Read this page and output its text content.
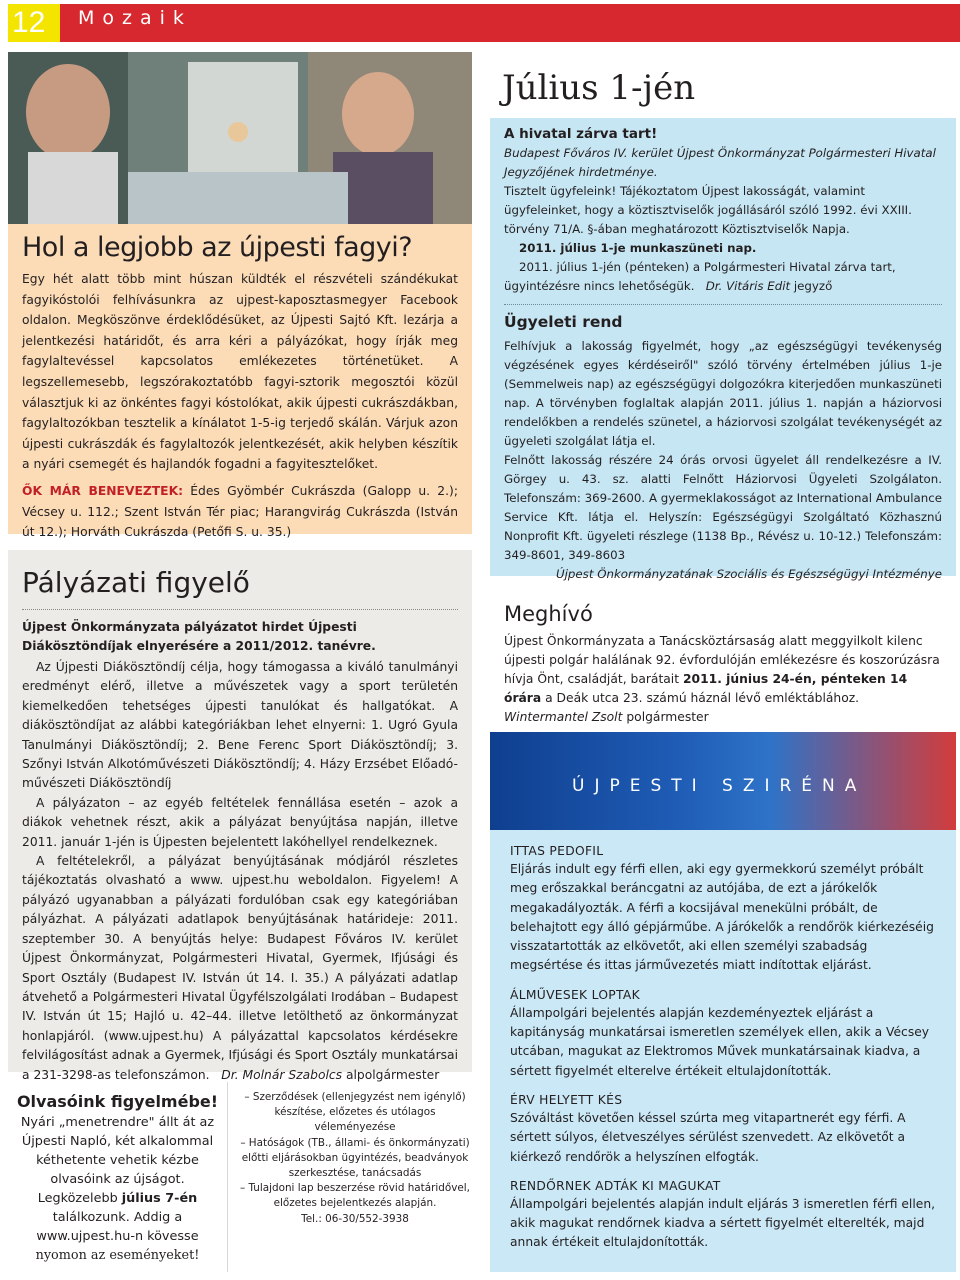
12	Mozaik
Hol a legjobb az újpesti fagyi?

Egy hét alatt több mint húszan küldték el részvételi szándékukat fagyikóstolói felhívásunkra az ujpest-kaposztasmegyer Facebook oldalon. Megköszönve érdeklődésüket, az Újpesti Sajtó Kft. lezárja a jelentkezési határidőt, és arra kéri a pályázókat, hogy írják meg fagylaltevéssel kapcsolatos emlékezetes történetüket. A legszellemesebb, legszórakoztatóbb fagyi-sztorik megosztói közül választjuk ki az önkéntes fagyi kóstolókat, akik újpesti cukrászdákban, fagylaltozókban tesztelik a kínálatot 1-5-ig terjedő skálán. Várjuk azon újpesti cukrászdák és fagylaltozók jelentkezését, akik helyben készítik a nyári csemegét és hajlandók fogadni a fagyitesztelőket.

ŐK MÁR BENEVEZTEK: Édes Gyömbér Cukrászda (Galopp u. 2.); Vécsey u. 112.; Szent István Tér piac; Harangvirág Cukrászda (István út 12.); Horváth Cukrászda (Petőfi S. u. 35.)

Pályázati figyelő
Újpest Önkormányzata pályázatot hirdet Újpesti Diákösztöndíjak elnyerésére a 2011/2012. tanévre.

Az Újpesti Diákösztöndíj célja, hogy támogassa a kiváló tanulmányi eredményt elérő, illetve a művészetek vagy a sport területén kiemelkedően tehetséges újpesti tanulókat és hallgatókat. A diákösztöndíjat az alábbi kategóriákban lehet elnyerni: 1. Ugró Gyula Tanulmányi Diákösztöndíj; 2. Bene Ferenc Sport Diákösztöndíj; 3. Szőnyi István Alkotóművészeti Diákösztöndíj; 4. Házy Erzsébet Előadó-művészeti Diákösztöndíj

A pályázaton – az egyéb feltételek fennállása esetén – azok a diákok vehetnek részt, akik a pályázat benyújtása napján, illetve 2011. január 1-jén is Újpesten bejelentett lakóhellyel rendelkeznek.

A feltételekről, a pályázat benyújtásának módjáról részletes tájékoztatás olvasható a www. ujpest.hu weboldalon. Figyelem! A pályázó ugyanabban a pályázati fordulóban csak egy kategóriában pályázhat. A pályázati adatlapok benyújtásának határideje: 2011. szeptember 30. A benyújtás helye: Budapest Főváros IV. kerület Újpest Önkormányzat, Polgármesteri Hivatal, Gyermek, Ifjúsági és Sport Osztály (Budapest IV. István út 14. I. 35.) A pályázati adatlap átvehető a Polgármesteri Hivatal Ügyfélszolgálati Irodában – Budapest IV. István út 15; Hajló u. 42–44. illetve letölthető az önkormányzat honlapjáról. (www.ujpest.hu) A pályázattal kapcsolatos kérdésekre felvilágosítást adnak a Gyermek, Ifjúsági és Sport Osztály munkatársai a 231-3298-as telefonszámon. Dr. Molnár Szabolcs alpolgármester

Olvasóink figyelmébe!

Nyári „menetrendre" állt át az Újpesti Napló, két alkalommal kéthetente vehetik kézbe olvasóink az újságot.

Legközelebb július 7-én találkozunk. Addig a www.ujpest.hu-n kövesse

nyomon az eseményeket!

– Szerződések (ellenjegyzést nem igénylő) készítése, előzetes és utólagos véleményezése

– Hatóságok (TB., állami- és önkormányzati) előtti eljárásokban ügyintézés, beadványok szerkesztése, tanácsadás

– Tulajdoni lap beszerzése rövid határidővel, előzetes bejelentkezés alapján.

Tel.: 06-30/552-3938

Július 1-jén
A hivatal zárva tart!

Budapest Főváros IV. kerület Újpest Önkormányzat Polgármesteri Hivatal Jegyzőjének hirdetménye.

Tisztelt ügyfeleink! Tájékoztatom Újpest lakosságát, valamint ügyfeleinket, hogy a köztisztviselők jogállásáról szóló 1992. évi XXIII. törvény 71/A. §-ában meghatározott Köztisztviselők Napja.

2011. július 1-je munkaszüneti nap.

2011. július 1-jén (pénteken) a Polgármesteri Hivatal zárva tart, ügyintézésre nincs lehetőségük. Dr. Vitáris Edit jegyző

Ügyeleti rend

Felhívjuk a lakosság figyelmét, hogy „az egészségügyi tevékenység végzésének egyes kérdéseiről" szóló törvény értelmében július 1-je (Semmelweis nap) az egészségügyi dolgozókra kiterjedően munkaszüneti nap. A törvényben foglaltak alapján 2011. július 1. napján a háziorvosi rendelőkben a rendelés szünetel, a háziorvosi szolgálat tevékenységét az ügyeleti szolgálat látja el.

Felnőtt lakosság részére 24 órás orvosi ügyelet áll rendelkezésre a IV. Görgey u. 43. sz. alatti Felnőtt Háziorvosi Ügyeleti Szolgálaton. Telefonszám: 369-2600. A gyermeklakosságot az International Ambulance Service Kft. látja el. Helyszín: Egészségügyi Szolgáltató Közhasznú Nonprofit Kft. ügyeleti részlege (1138 Bp., Révész u. 10-12.) Telefonszám: 349-8601, 349-8603

Újpest Önkormányzatának Szociális és Egészségügyi Intézménye

Meghívó

Újpest Önkormányzata a Tanácsköztársaság alatt meggyilkolt kilenc újpesti polgár halálának 92. évfordulóján emlékezésre és koszorúzásra hívja Önt, családját, barátait 2011. június 24-én, pénteken 14 órára a Deák utca 23. számú háznál lévő emléktáblához.     Wintermantel Zsolt polgármester

ÚJPESTI SZIRÉNA
ITTAS PEDOFIL

Eljárás indult egy férfi ellen, aki egy gyermekkorú személyt próbált meg erőszakkal beráncgatni az autójába, de ezt a járókelők megakadályozták. A férfi a kocsijával menekülni próbált, de belehajtott egy álló gépjárműbe. A járókelők a rendőrök kiérkezéséig visszatartották az elkövetőt, aki ellen személyi szabadság megsértése és ittas járművezetés miatt indítottak eljárást.

ÁLMŰVESEK LOPTAK

Állampolgári bejelentés alapján kezdeményeztek eljárást a kapitányság munkatársai ismeretlen személyek ellen, akik a Vécsey utcában, magukat az Elektromos Művek munkatársainak kiadva, a sértett figyelmét elterelve értékeit eltulajdonították.

ÉRV HELYETT KÉS

Szóváltást követően késsel szúrta meg vitapartnerét egy férfi. A sértett súlyos, életveszélyes sérülést szenvedett. Az elkövetőt a kiérkező rendőrök a helyszínen elfogták.

RENDŐRNEK ADTÁK KI MAGUKAT

Állampolgári bejelentés alapján indult eljárás 3 ismeretlen férfi ellen, akik magukat rendőrnek kiadva a sértett figyelmét elterelték, majd annak értékeit eltulajdonították.
